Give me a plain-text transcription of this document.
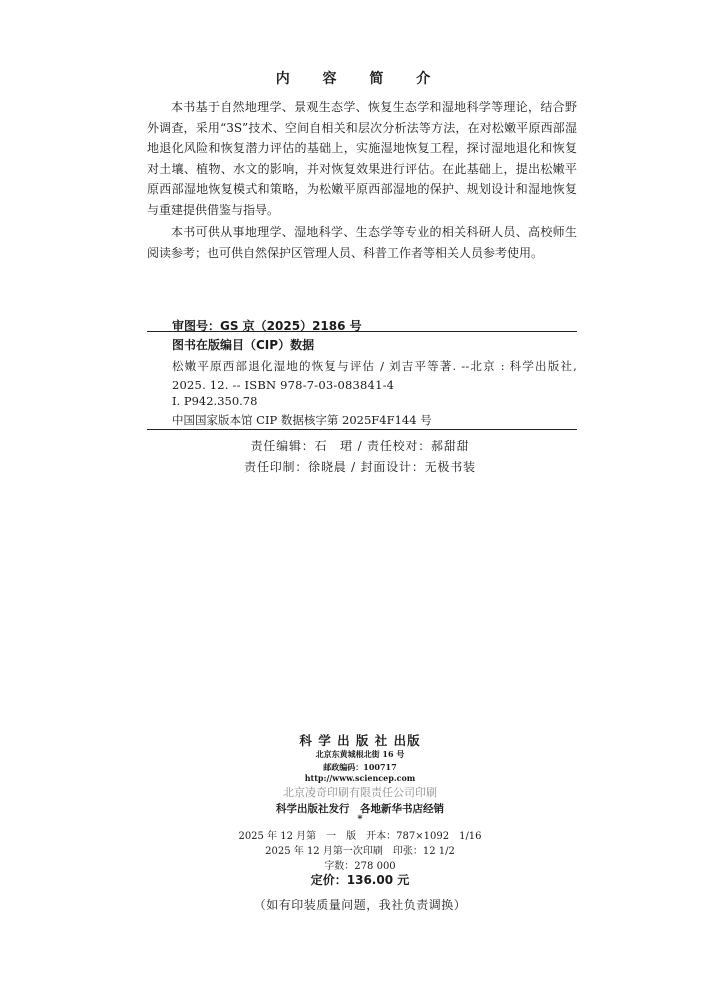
内 容 简 介
本书基于自然地理学、景观生态学、恢复生态学和湿地科学等理论，结合野外调查，采用“3S”技术、空间自相关和层次分析法等方法，在对松嫩平原西部湿地退化风险和恢复潜力评估的基础上，实施湿地恢复工程，探讨湿地退化和恢复对土壤、植物、水文的影响，并对恢复效果进行评估。在此基础上，提出松嫩平原西部湿地恢复模式和策略，为松嫩平原西部湿地的保护、规划设计和湿地恢复与重建提供借鉴与指导。
本书可供从事地理学、湿地科学、生态学等专业的相关科研人员、高校师生阅读参考；也可供自然保护区管理人员、科普工作者等相关人员参考使用。
审图号：GS 京（2025）2186 号
图书在版编目（CIP）数据
松嫩平原西部退化湿地的恢复与评估 / 刘吉平等著. --北京 : 科学出版社, 2025. 12. -- ISBN 978-7-03-083841-4
Ⅰ. P942.350.78
中国国家版本馆 CIP 数据核字第 2025F4F144 号
责任编辑：石　珺 / 责任校对：郝甜甜
责任印制：徐晓晨 / 封面设计：无极书装
科 学 出 版 社 出版
北京东黄城根北街 16 号
邮政编码：100717
http://www.sciencep.com
北京凌奇印刷有限责任公司印刷
科学出版社发行　各地新华书店经销
*
2025 年 12 月第　一　版　开本：787×1092　1/16
2025 年 12 月第一次印刷　印张：12 1/2
字数：278 000
定价：136.00 元
（如有印装质量问题，我社负责调换）
